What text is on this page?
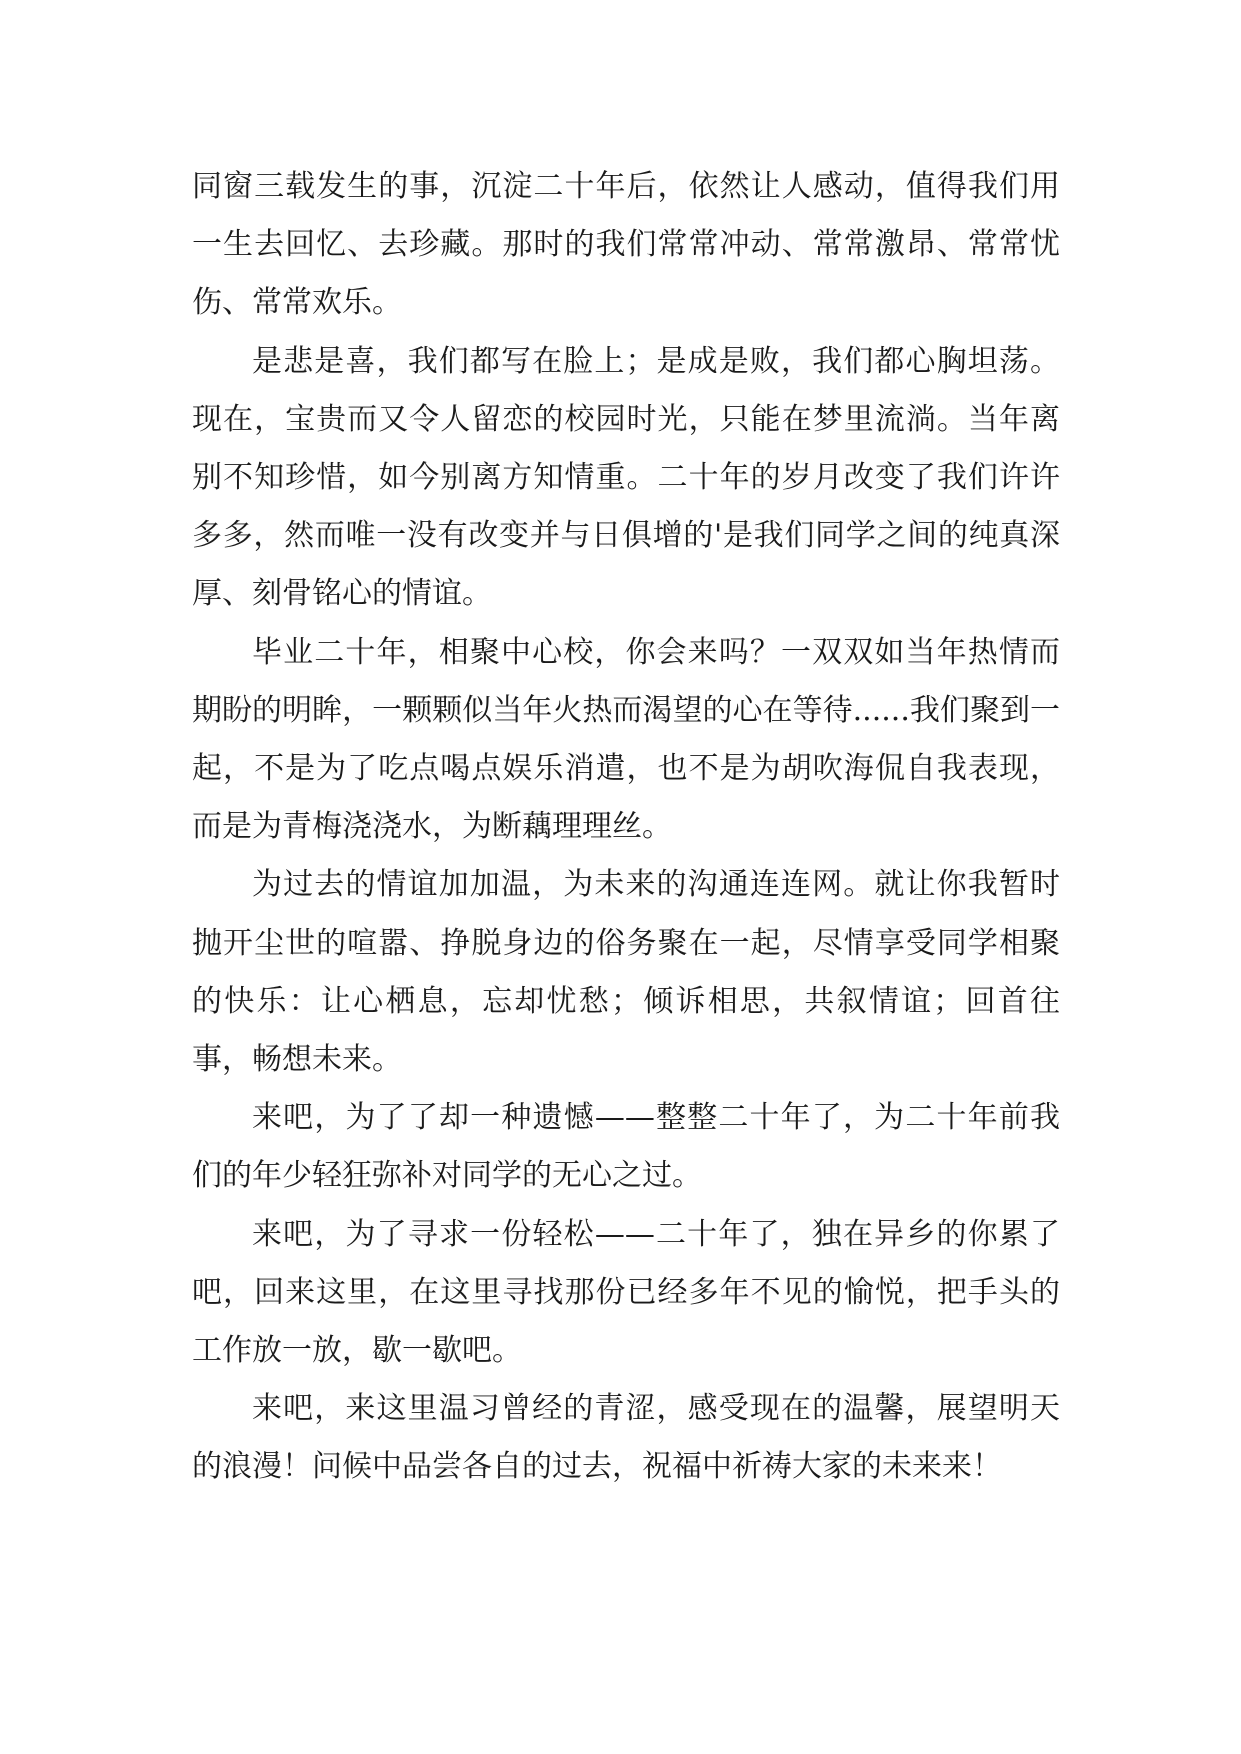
同窗三载发生的事，沉淀二十年后，依然让人感动，值得我们用一生去回忆、去珍藏。那时的我们常常冲动、常常激昂、常常忧伤、常常欢乐。

是悲是喜，我们都写在脸上；是成是败，我们都心胸坦荡。现在，宝贵而又令人留恋的校园时光，只能在梦里流淌。当年离别不知珍惜，如今别离方知情重。二十年的岁月改变了我们许许多多，然而唯一没有改变并与日俱增的'是我们同学之间的纯真深厚、刻骨铭心的情谊。

毕业二十年，相聚中心校，你会来吗？一双双如当年热情而期盼的明眸，一颗颗似当年火热而渴望的心在等待......我们聚到一起，不是为了吃点喝点娱乐消遣，也不是为胡吹海侃自我表现，而是为青梅浇浇水，为断藕理理丝。

为过去的情谊加加温，为未来的沟通连连网。就让你我暂时抛开尘世的喧嚣、挣脱身边的俗务聚在一起，尽情享受同学相聚的快乐：让心栖息，忘却忧愁；倾诉相思，共叙情谊；回首往事，畅想未来。

来吧，为了了却一种遗憾——整整二十年了，为二十年前我们的年少轻狂弥补对同学的无心之过。

来吧，为了寻求一份轻松——二十年了，独在异乡的你累了吧，回来这里，在这里寻找那份已经多年不见的愉悦，把手头的工作放一放，歇一歇吧。

来吧，来这里温习曾经的青涩，感受现在的温馨，展望明天的浪漫！问候中品尝各自的过去，祝福中祈祷大家的未来来！
